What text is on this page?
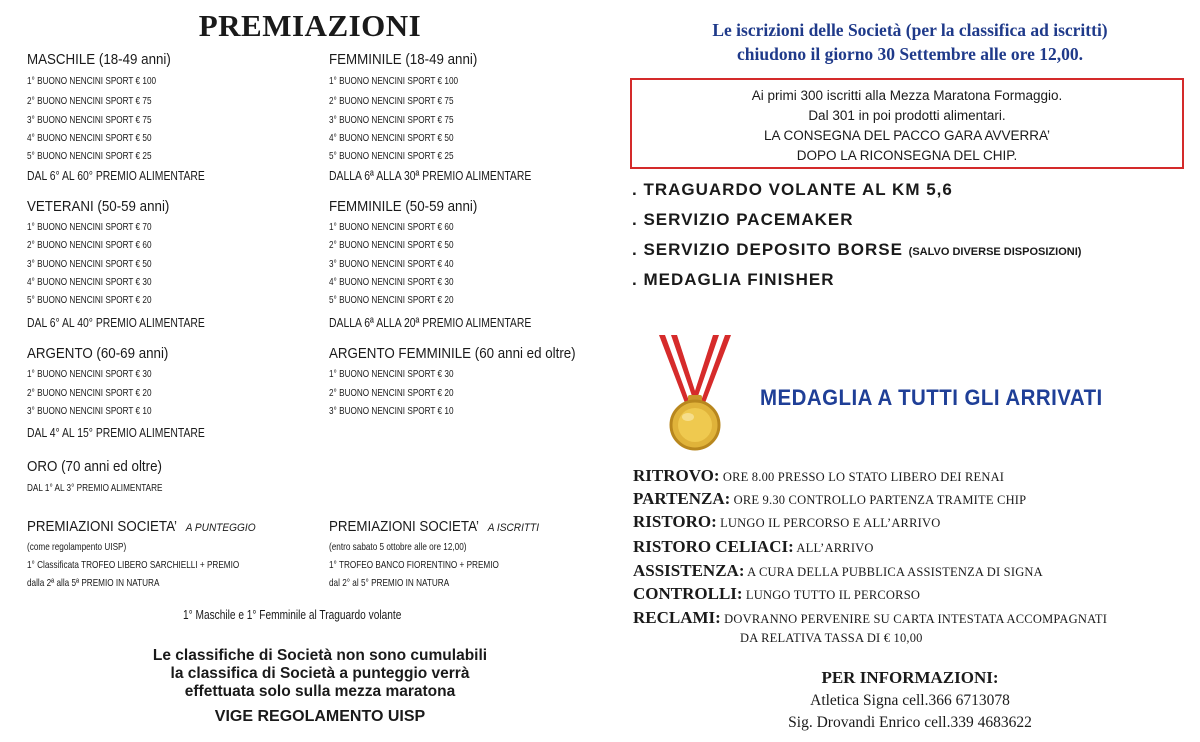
PREMIAZIONI
MASCHILE (18-49 anni)
1° BUONO NENCINI SPORT € 100
2° BUONO NENCINI SPORT € 75
3° BUONO NENCINI SPORT € 75
4° BUONO NENCINI SPORT € 50
5° BUONO NENCINI SPORT € 25
DAL 6° AL 60° PREMIO ALIMENTARE
FEMMINILE (18-49 anni)
1° BUONO NENCINI SPORT € 100
2° BUONO NENCINI SPORT € 75
3° BUONO NENCINI SPORT € 75
4° BUONO NENCINI SPORT € 50
5° BUONO NENCINI SPORT € 25
DALLA 6ª ALLA 30ª PREMIO ALIMENTARE
VETERANI (50-59 anni)
1° BUONO NENCINI SPORT € 70
2° BUONO NENCINI SPORT € 60
3° BUONO NENCINI SPORT € 50
4° BUONO NENCINI SPORT € 30
5° BUONO NENCINI SPORT € 20
DAL 6° AL 40° PREMIO ALIMENTARE
FEMMINILE (50-59 anni)
1° BUONO NENCINI SPORT € 60
2° BUONO NENCINI SPORT € 50
3° BUONO NENCINI SPORT € 40
4° BUONO NENCINI SPORT € 30
5° BUONO NENCINI SPORT € 20
DALLA 6ª ALLA 20ª PREMIO ALIMENTARE
ARGENTO (60-69 anni)
1° BUONO NENCINI SPORT € 30
2° BUONO NENCINI SPORT € 20
3° BUONO NENCINI SPORT € 10
DAL 4° AL 15° PREMIO ALIMENTARE
ARGENTO FEMMINILE (60 anni ed oltre)
1° BUONO NENCINI SPORT € 30
2° BUONO NENCINI SPORT € 20
3° BUONO NENCINI SPORT € 10
ORO (70 anni ed oltre)
DAL 1° AL 3° PREMIO ALIMENTARE
PREMIAZIONI SOCIETA’ A PUNTEGGIO
(come regolampento UISP)
1° Classificata TROFEO LIBERO SARCHIELLI + PREMIO
dalla 2ª alla 5ª PREMIO IN NATURA
PREMIAZIONI SOCIETA’ A ISCRITTI
(entro sabato 5 ottobre alle ore 12,00)
1° TROFEO BANCO FIORENTINO + PREMIO
dal 2° al 5° PREMIO IN NATURA
1° Maschile e 1° Femminile al Traguardo volante
Le classifiche di Società non sono cumulabili
la classifica di Società a punteggio verrà
effettuata solo sulla mezza maratona
VIGE REGOLAMENTO UISP
Le iscrizioni delle Società (per la classifica ad iscritti)
chiudono il giorno 30 Settembre alle ore 12,00.
Ai primi 300 iscritti alla Mezza Maratona Formaggio.
Dal 301 in poi prodotti alimentari.
LA CONSEGNA DEL PACCO GARA AVVERRA’
DOPO LA RICONSEGNA DEL CHIP.
. TRAGUARDO VOLANTE AL KM 5,6
. SERVIZIO PACEMAKER
. SERVIZIO DEPOSITO BORSE (SALVO DIVERSE DISPOSIZIONI)
. MEDAGLIA FINISHER
MEDAGLIA A TUTTI GLI ARRIVATI
RITROVO: ORE 8.00 PRESSO LO STATO LIBERO DEI RENAI
PARTENZA: ORE 9.30 CONTROLLO PARTENZA TRAMITE CHIP
RISTORO: LUNGO IL PERCORSO E ALL’ARRIVO
RISTORO CELIACI: ALL’ARRIVO
ASSISTENZA: A CURA DELLA PUBBLICA ASSISTENZA DI SIGNA
CONTROLLI: LUNGO TUTTO IL PERCORSO
RECLAMI: DOVRANNO PERVENIRE SU CARTA INTESTATA ACCOMPAGNATI
DA RELATIVA TASSA DI € 10,00
PER INFORMAZIONI:
Atletica Signa cell.366 6713078
Sig. Drovandi Enrico cell.339 4683622
